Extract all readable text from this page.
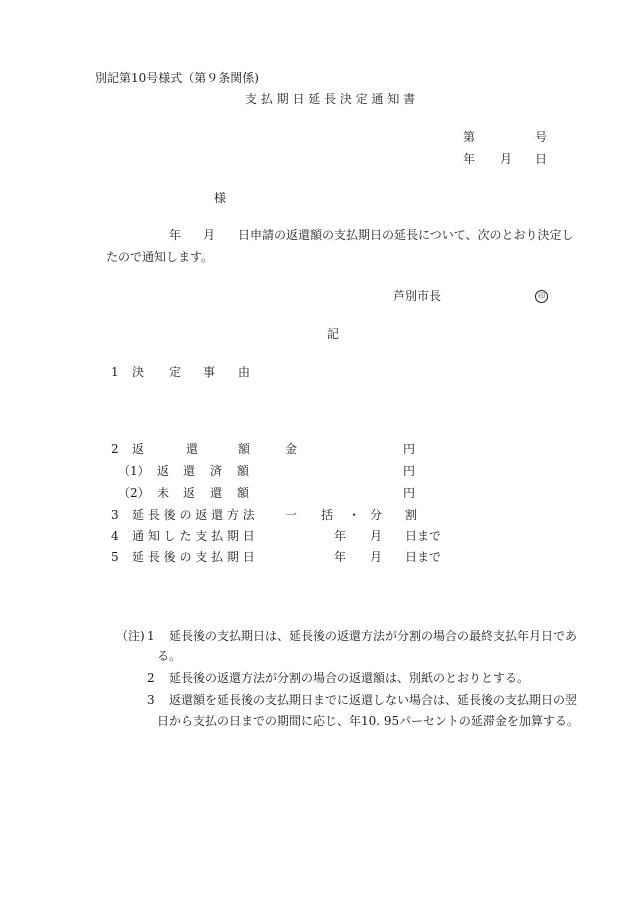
別記第10号様式（第９条関係)
支 払 期 日 延 長 決 定 通 知 書
第	号
年 月 日
様
年 月 日申請の返還額の支払期日の延長について、次のとおり決定し
たので通知します。
芦別市長	印
記
1 決 定 事 由
2 返	還	額	金	円
（1） 返 還 済 額	円
（2） 未 返 還 額	円
3 延 長 後 の 返 還 方 法	一 括 ・ 分 割
4 通 知 し た 支 払 期 日	年 月 日まで
5 延 長 後 の 支 払 期 日	年 月 日まで
（注) 1 延長後の支払期日は、延長後の返還方法が分割の場合の最終支払年月日であ
る。
2 延長後の返還方法が分割の場合の返還額は、別紙のとおりとする。
3 返還額を延長後の支払期日までに返還しない場合は、延長後の支払期日の翌
日から支払の日までの期間に応じ、年10. 95パーセントの延滞金を加算する。
